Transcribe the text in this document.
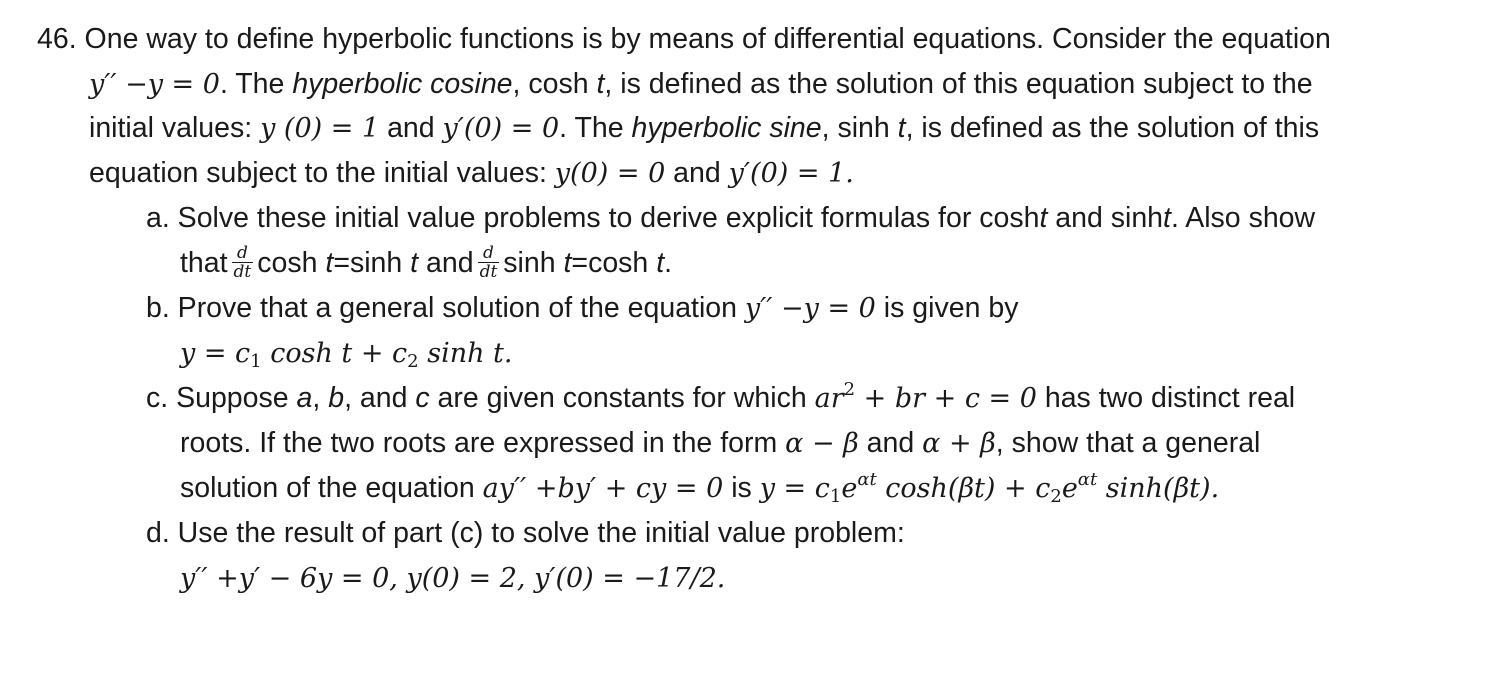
46. One way to define hyperbolic functions is by means of differential equations. Consider the equation
y′′ −y = 0. The hyperbolic cosine, cosh t, is defined as the solution of this equation subject to the
initial values: y (0) = 1 and y′(0) = 0. The hyperbolic sine, sinh t, is defined as the solution of this
equation subject to the initial values: y(0) = 0 and y′(0) = 1.
a. Solve these initial value problems to derive explicit formulas for cosht and sinht. Also show
that $\frac{d}{dt}$ cosh t=sinh t and $\frac{d}{dt}$ sinh t=cosh t.
b. Prove that a general solution of the equation y′′ −y = 0 is given by
$y = c_1$ $\cosh t + c_2$ sinh t.
c. Suppose a, b, and c are given constants for which $ar^2$ + br + c = 0 has two distinct real
roots. If the two roots are expressed in the form α − β and α + β, show that a general
solution of the equation ay′′ +by′ + cy = 0 is $y = c_1e^{\alpha t}$ $\cosh(\beta t) + c_2e^{\alpha t}$ sinh(βt).
d. Use the result of part (c) to solve the initial value problem:
y′′ +y′ − 6y = 0, y(0) = 2, y′(0) = −17/2.
